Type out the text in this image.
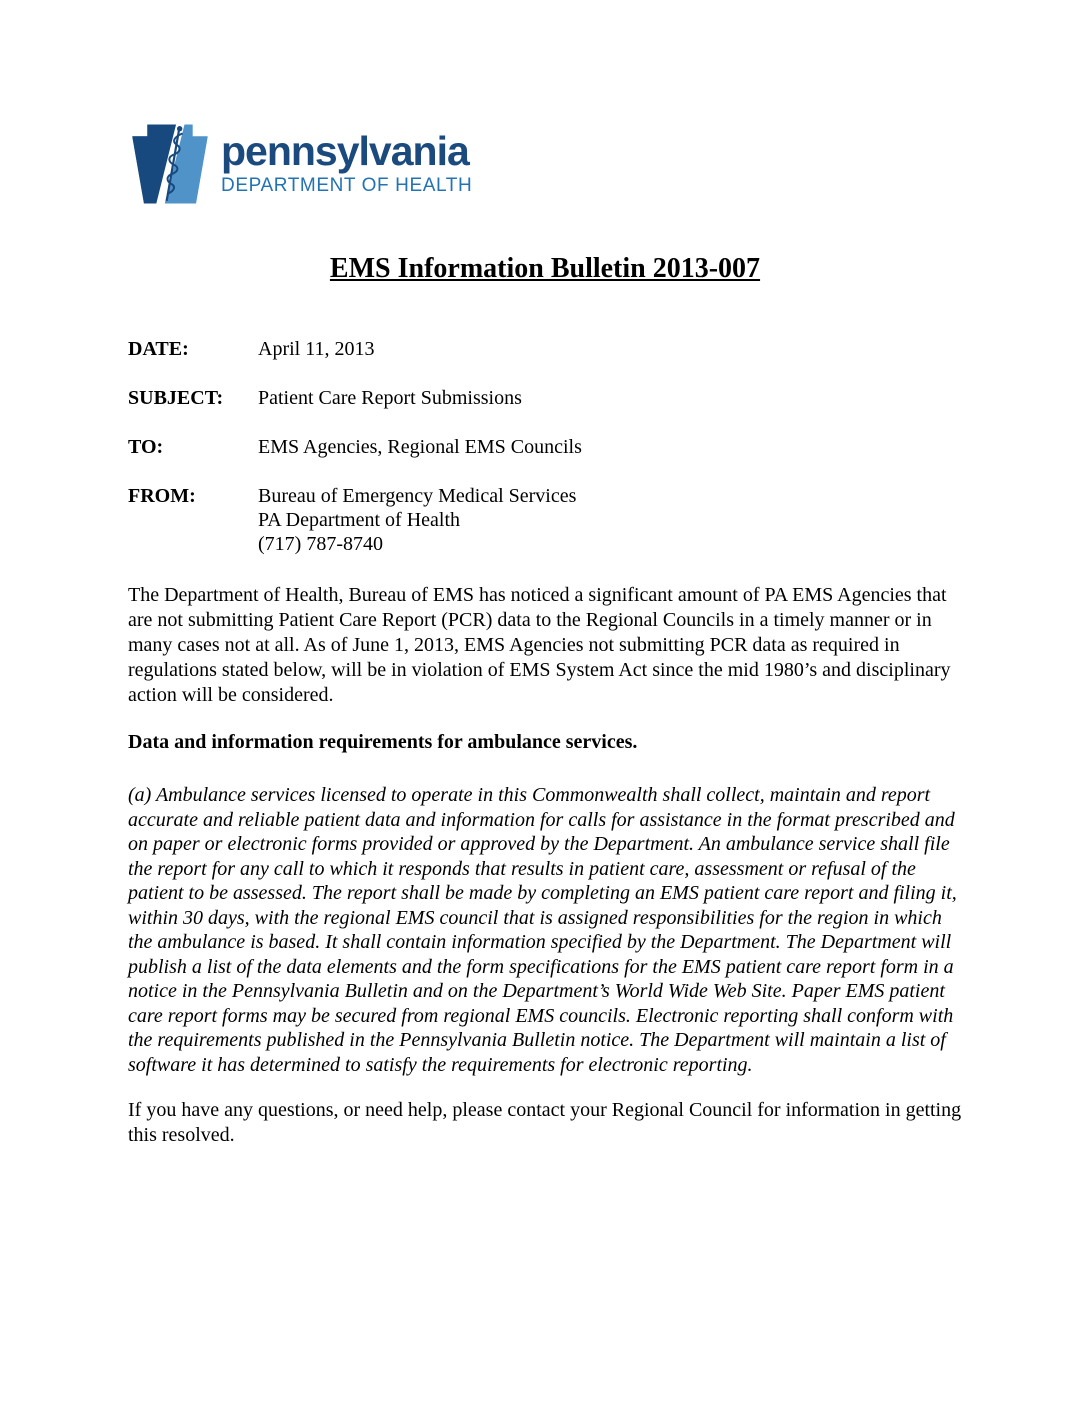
pennsylvania
DEPARTMENT OF HEALTH
EMS Information Bulletin 2013-007
DATE:	April 11, 2013
SUBJECT:	Patient Care Report Submissions
TO:	EMS Agencies, Regional EMS Councils
FROM:	Bureau of Emergency Medical Services
PA Department of Health
(717) 787-8740
The Department of Health, Bureau of EMS has noticed a significant amount of PA EMS Agencies that are not submitting Patient Care Report (PCR) data to the Regional Councils in a timely manner or in many cases not at all. As of June 1, 2013, EMS Agencies not submitting PCR data as required in regulations stated below, will be in violation of EMS System Act since the mid 1980’s and disciplinary action will be considered.
Data and information requirements for ambulance services.
(a) Ambulance services licensed to operate in this Commonwealth shall collect, maintain and report accurate and reliable patient data and information for calls for assistance in the format prescribed and on paper or electronic forms provided or approved by the Department. An ambulance service shall file the report for any call to which it responds that results in patient care, assessment or refusal of the patient to be assessed. The report shall be made by completing an EMS patient care report and filing it, within 30 days, with the regional EMS council that is assigned responsibilities for the region in which the ambulance is based. It shall contain information specified by the Department. The Department will publish a list of the data elements and the form specifications for the EMS patient care report form in a notice in the Pennsylvania Bulletin and on the Department’s World Wide Web Site. Paper EMS patient care report forms may be secured from regional EMS councils. Electronic reporting shall conform with the requirements published in the Pennsylvania Bulletin notice. The Department will maintain a list of software it has determined to satisfy the requirements for electronic reporting.
If you have any questions, or need help, please contact your Regional Council for information in getting this resolved.
